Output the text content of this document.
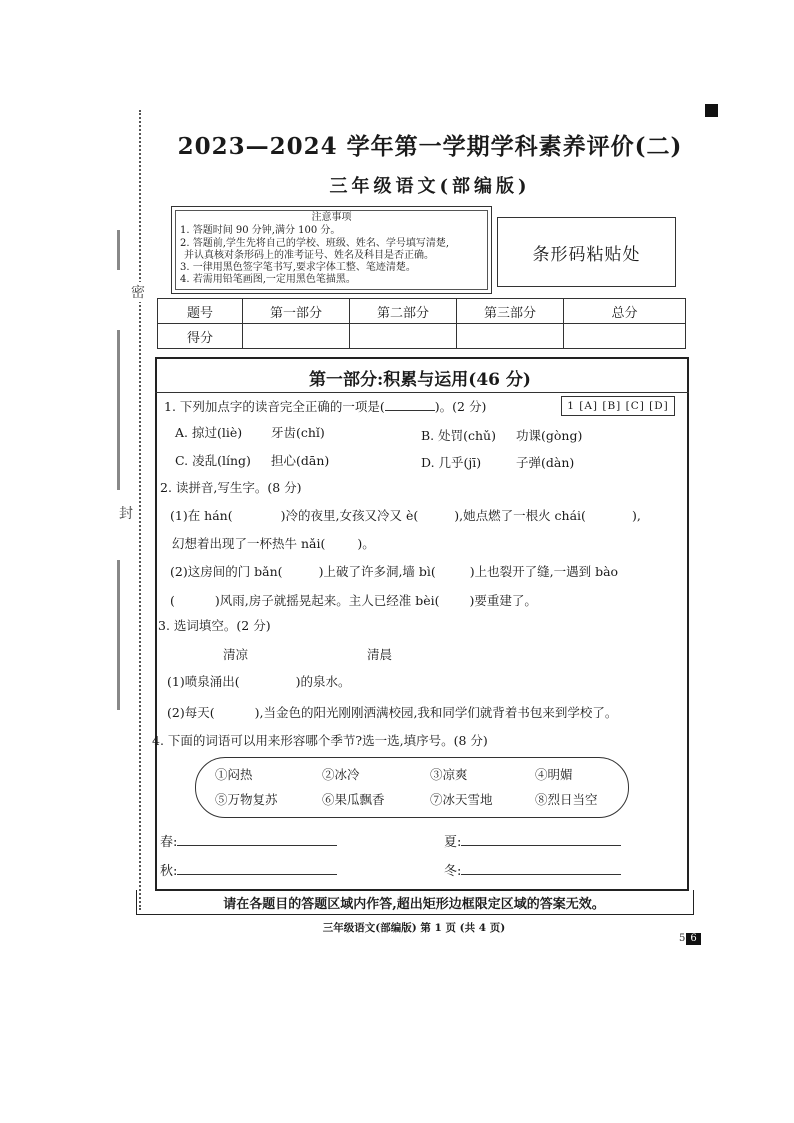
密
封
2023—2024 学年第一学期学科素养评价(二)
三年级语文(部编版)
注意事项
1. 答题时间 90 分钟,满分 100 分。
2. 答题前,学生先将自己的学校、班级、姓名、学号填写清楚,
并认真核对条形码上的准考证号、姓名及科目是否正确。
3. 一律用黑色签字笔书写,要求字体工整、笔迹清楚。
4. 若需用铅笔画图,一定用黑色笔描黑。
条形码粘贴处
题号	第一部分	第二部分	第三部分	总分
得分				
第一部分:积累与运用(46 分)
1. 下列加点字的读音完全正确的一项是(	)。(2 分)	1 [A] [B] [C] [D]
A. 掠过(liè) 牙齿(chǐ)	B. 处罚(chǔ) 功课(gòng)
C. 凌乱(líng) 担心(dān)	D. 几乎(jī)	子弹(dàn)
2. 读拼音,写生字。(8 分)
(1)在 hán(	)冷的夜里,女孩又冷又 è(	),她点燃了一根火 chái(	),
幻想着出现了一杯热牛 nǎi(	)。
(2)这房间的门 bǎn(	)上破了许多洞,墙 bì(	)上也裂开了缝,一遇到 bào
(	)风雨,房子就摇晃起来。主人已经准 bèi( )要重建了。
3. 选词填空。(2 分)
清凉	清晨
(1)喷泉涌出(	)的泉水。
(2)每天(	),当金色的阳光刚刚洒满校园,我和同学们就背着书包来到学校了。
4. 下面的词语可以用来形容哪个季节?选一选,填序号。(8 分)
①闷热	②冰冷	③凉爽	④明媚
⑤万物复苏	⑥果瓜飘香	⑦冰天雪地	⑧烈日当空
春:	夏:
秋:	冬:
请在各题目的答题区域内作答,超出矩形边框限定区域的答案无效。
三年级语文(部编版) 第 1 页 (共 4 页)
5 6
